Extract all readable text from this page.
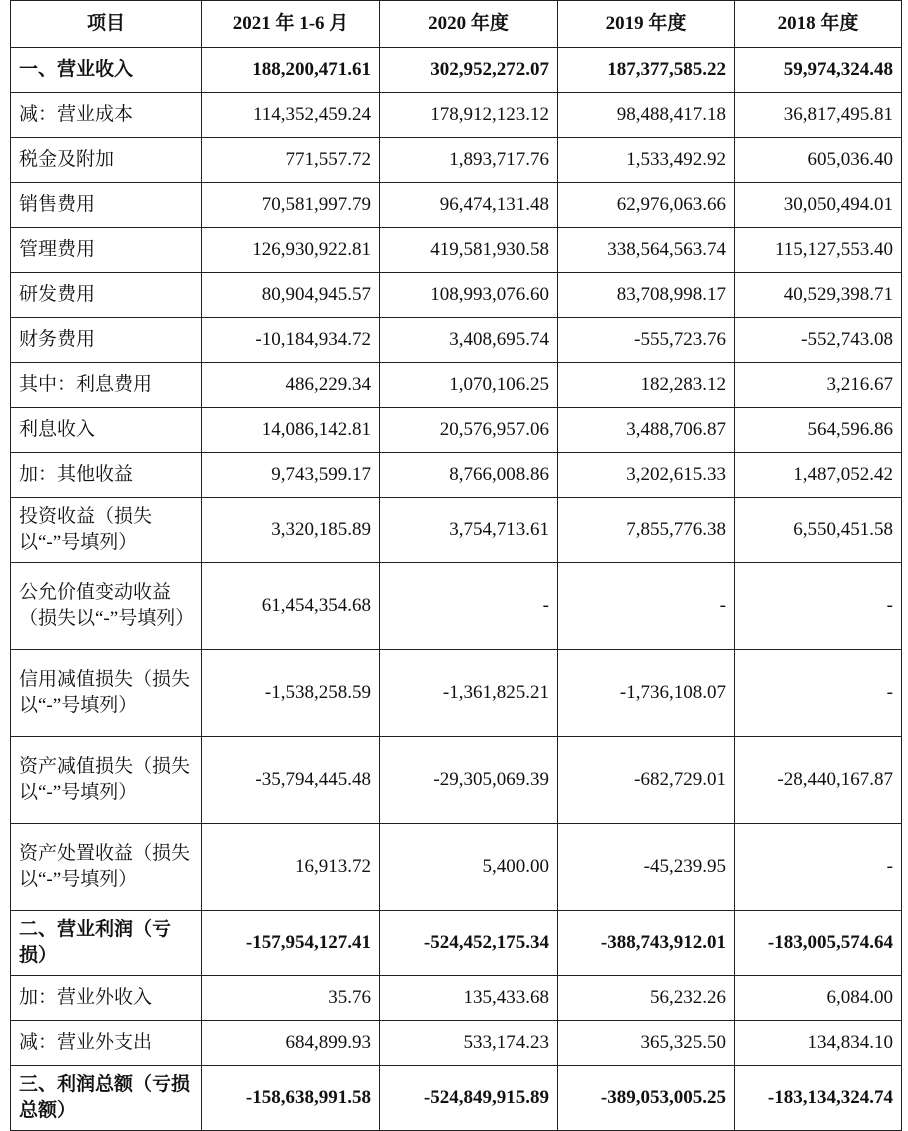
项目	2021 年 1-6 月	2020 年度	2019 年度	2018 年度
一、营业收入	188,200,471.61	302,952,272.07	187,377,585.22	59,974,324.48
减：营业成本	114,352,459.24	178,912,123.12	98,488,417.18	36,817,495.81
税金及附加	771,557.72	1,893,717.76	1,533,492.92	605,036.40
销售费用	70,581,997.79	96,474,131.48	62,976,063.66	30,050,494.01
管理费用	126,930,922.81	419,581,930.58	338,564,563.74	115,127,553.40
研发费用	80,904,945.57	108,993,076.60	83,708,998.17	40,529,398.71
财务费用	-10,184,934.72	3,408,695.74	-555,723.76	-552,743.08
其中：利息费用	486,229.34	1,070,106.25	182,283.12	3,216.67
利息收入	14,086,142.81	20,576,957.06	3,488,706.87	564,596.86
加：其他收益	9,743,599.17	8,766,008.86	3,202,615.33	1,487,052.42
投资收益（损失以“-”号填列）	3,320,185.89	3,754,713.61	7,855,776.38	6,550,451.58
公允价值变动收益（损失以“-”号填列）	61,454,354.68	-	-	-
信用减值损失（损失以“-”号填列）	-1,538,258.59	-1,361,825.21	-1,736,108.07	-
资产减值损失（损失以“-”号填列）	-35,794,445.48	-29,305,069.39	-682,729.01	-28,440,167.87
资产处置收益（损失以“-”号填列）	16,913.72	5,400.00	-45,239.95	-
二、营业利润（亏损）	-157,954,127.41	-524,452,175.34	-388,743,912.01	-183,005,574.64
加：营业外收入	35.76	135,433.68	56,232.26	6,084.00
减：营业外支出	684,899.93	533,174.23	365,325.50	134,834.10
三、利润总额（亏损总额）	-158,638,991.58	-524,849,915.89	-389,053,005.25	-183,134,324.74
